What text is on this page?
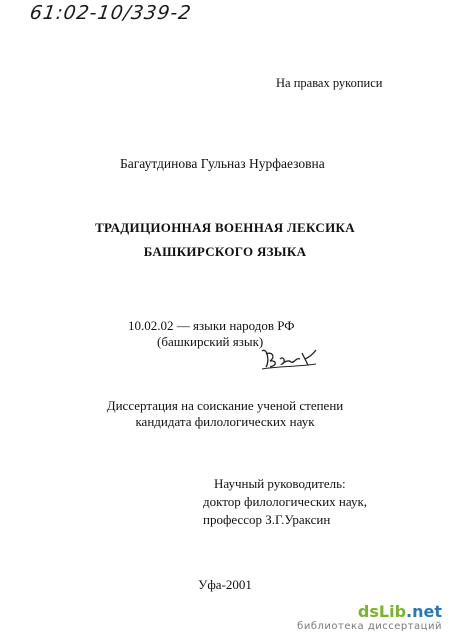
61:02-10/339-2
На правах рукописи
Багаутдинова Гульназ Нурфаезовна
ТРАДИЦИОННАЯ ВОЕННАЯ ЛЕКСИКА
БАШКИРСКОГО ЯЗЫКА
10.02.02 — языки народов РФ
(башкирский язык)
Диссертация на соискание ученой степени
кандидата филологических наук
Научный руководитель:
доктор филологических наук,
профессор З.Г.Ураксин
Уфа-2001
dsLib.net
библиотека диссертаций
